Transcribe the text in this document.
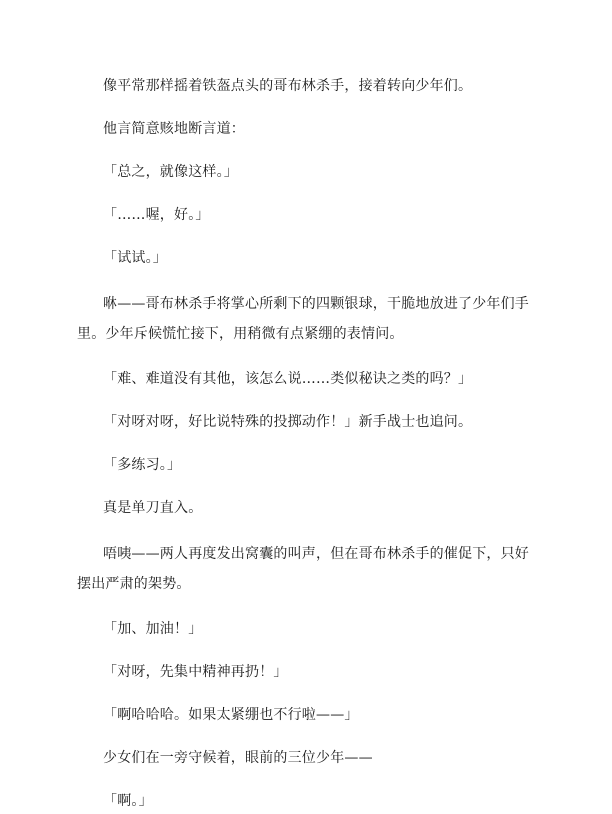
像平常那样摇着铁盔点头的哥布林杀手，接着转向少年们。

他言简意赅地断言道：

「总之，就像这样。」

「……喔，好。」

「试试。」

咻——哥布林杀手将掌心所剩下的四颗银球，干脆地放进了少年们手里。少年斥候慌忙接下，用稍微有点紧绷的表情问。

「难、难道没有其他，该怎么说……类似秘诀之类的吗？」

「对呀对呀，好比说特殊的投掷动作！」新手战士也追问。

「多练习。」

真是单刀直入。

唔咦——两人再度发出窝囊的叫声，但在哥布林杀手的催促下，只好摆出严肃的架势。

「加、加油！」

「对呀，先集中精神再扔！」

「啊哈哈哈。如果太紧绷也不行啦——」

少女们在一旁守候着，眼前的三位少年——

「啊。」
